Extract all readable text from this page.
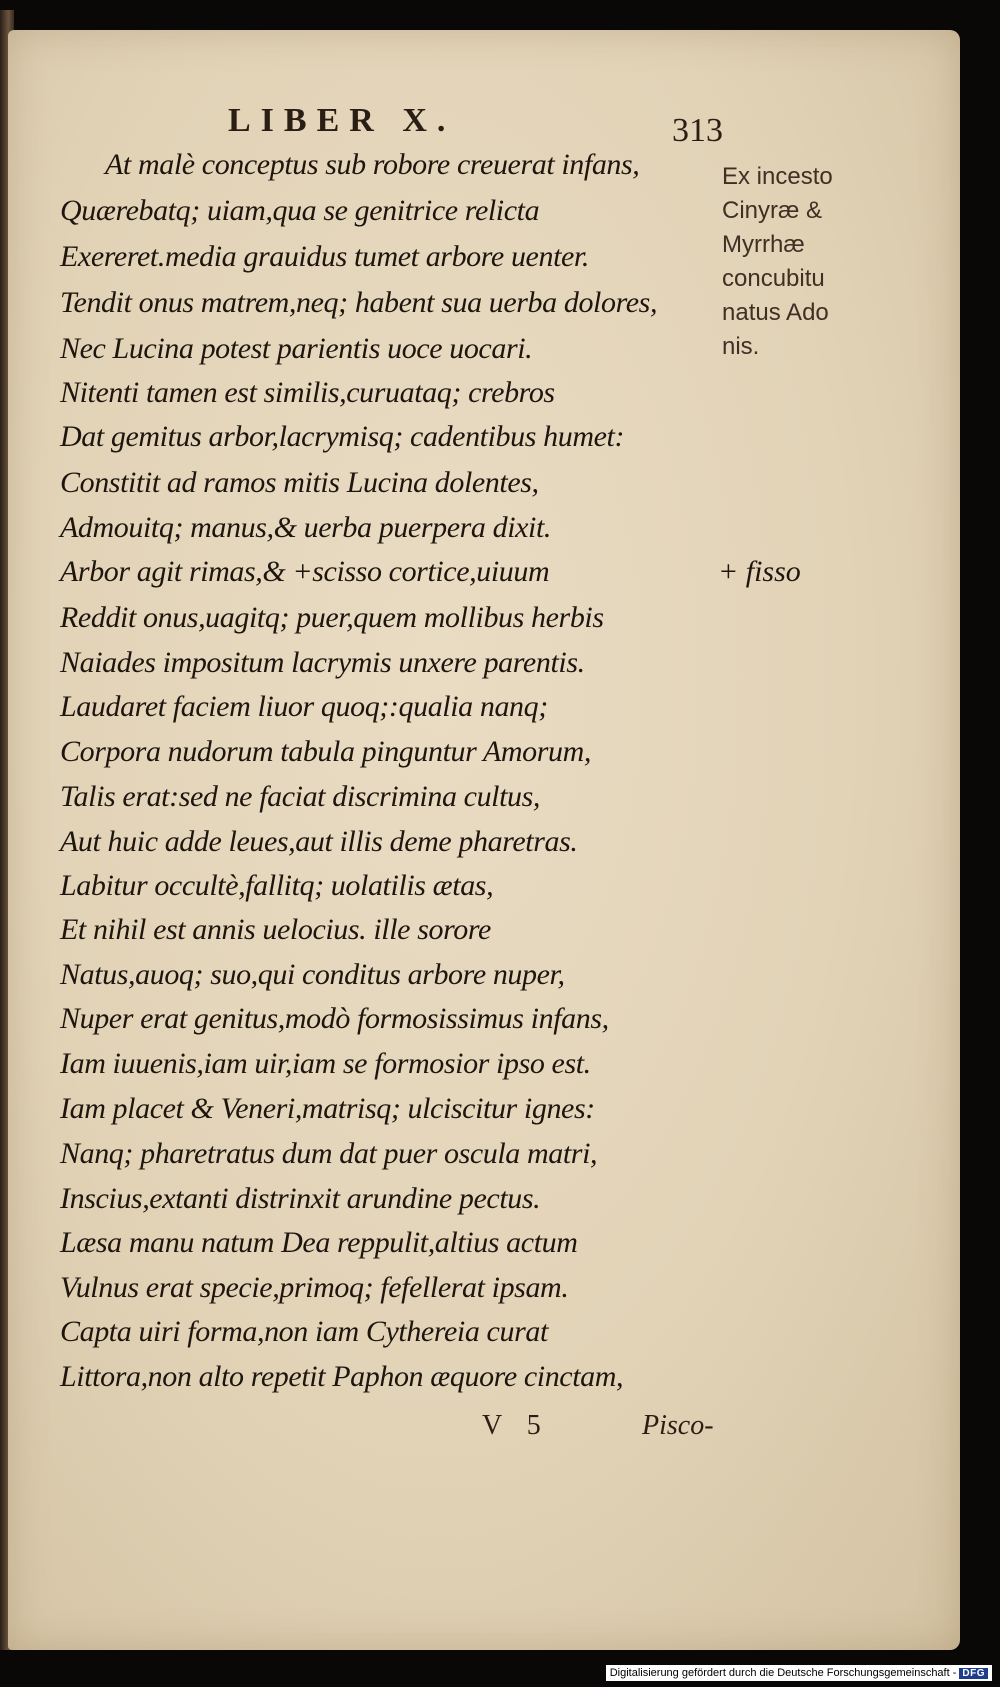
LIBER X.	313
At malè conceptus sub robore creuerat infans,
Quærebatq; uiam,qua se genitrice relicta
Exereret.media grauidus tumet arbore uenter.
Tendit onus matrem,neq; habent sua uerba dolores,
Nec Lucina potest parientis uoce uocari.
Nitenti tamen est similis,curuataq; crebros
Dat gemitus arbor,lacrymisq; cadentibus humet:
Constitit ad ramos mitis Lucina dolentes,
Admouitq; manus,& uerba puerpera dixit.
Arbor agit rimas,& +scisso cortice,uiuum
Reddit onus,uagitq; puer,quem mollibus herbis
Naiades impositum lacrymis unxere parentis.
Laudaret faciem liuor quoq;:qualia nanq;
Corpora nudorum tabula pinguntur Amorum,
Talis erat:sed ne faciat discrimina cultus,
Aut huic adde leues,aut illis deme pharetras.
Labitur occultè,fallitq; uolatilis ætas,
Et nihil est annis uelocius. ille sorore
Natus,auoq; suo,qui conditus arbore nuper,
Nuper erat genitus,modò formosissimus infans,
Iam iuuenis,iam uir,iam se formosior ipso est.
Iam placet & Veneri,matrisq; ulciscitur ignes:
Nanq; pharetratus dum dat puer oscula matri,
Inscius,extanti distrinxit arundine pectus.
Læsa manu natum Dea reppulit,altius actum
Vulnus erat specie,primoq; fefellerat ipsam.
Capta uiri forma,non iam Cythereia curat
Littora,non alto repetit Paphon æquore cinctam,
Ex incesto
Cinyræ &
Myrrhæ
concubitu
natus Ado
nis.
+ fisso
V 5	Pisco-
Digitalisierung gefördert durch die Deutsche Forschungsgemeinschaft - DFG
